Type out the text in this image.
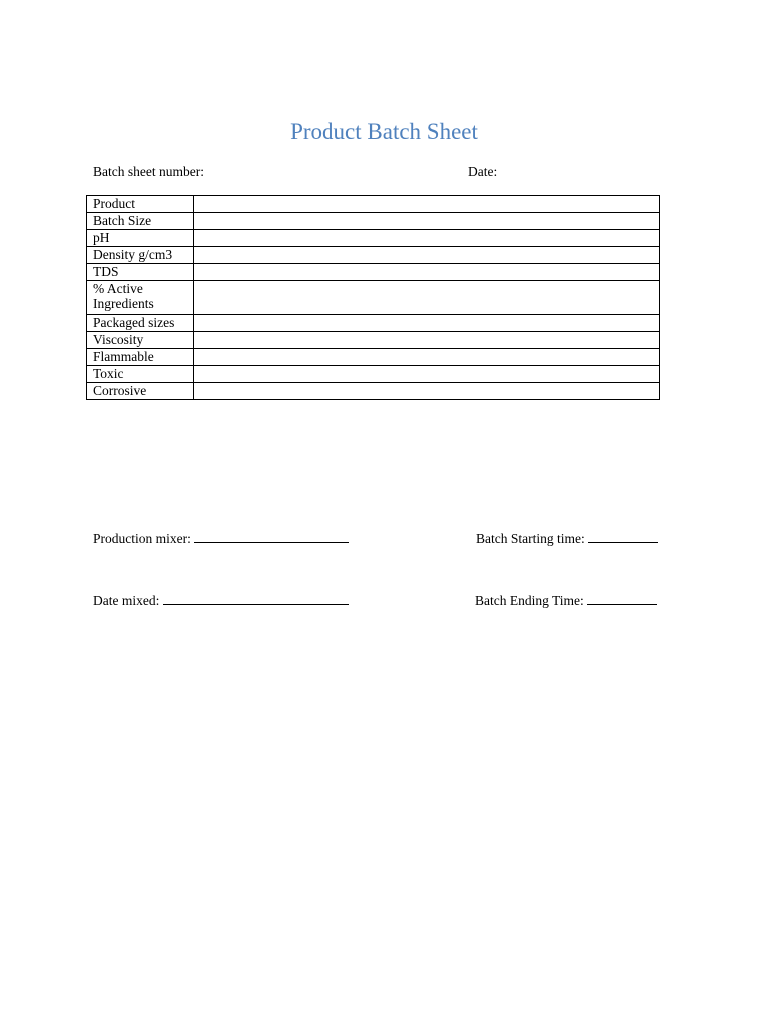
Product Batch Sheet
Batch sheet number:	Date:
Product	
Batch Size	
pH	
Density g/cm3	
TDS	
% Active Ingredients	
Packaged sizes	
Viscosity	
Flammable	
Toxic	
Corrosive	
Production mixer:	Batch Starting time:
Date mixed:	Batch Ending Time:
